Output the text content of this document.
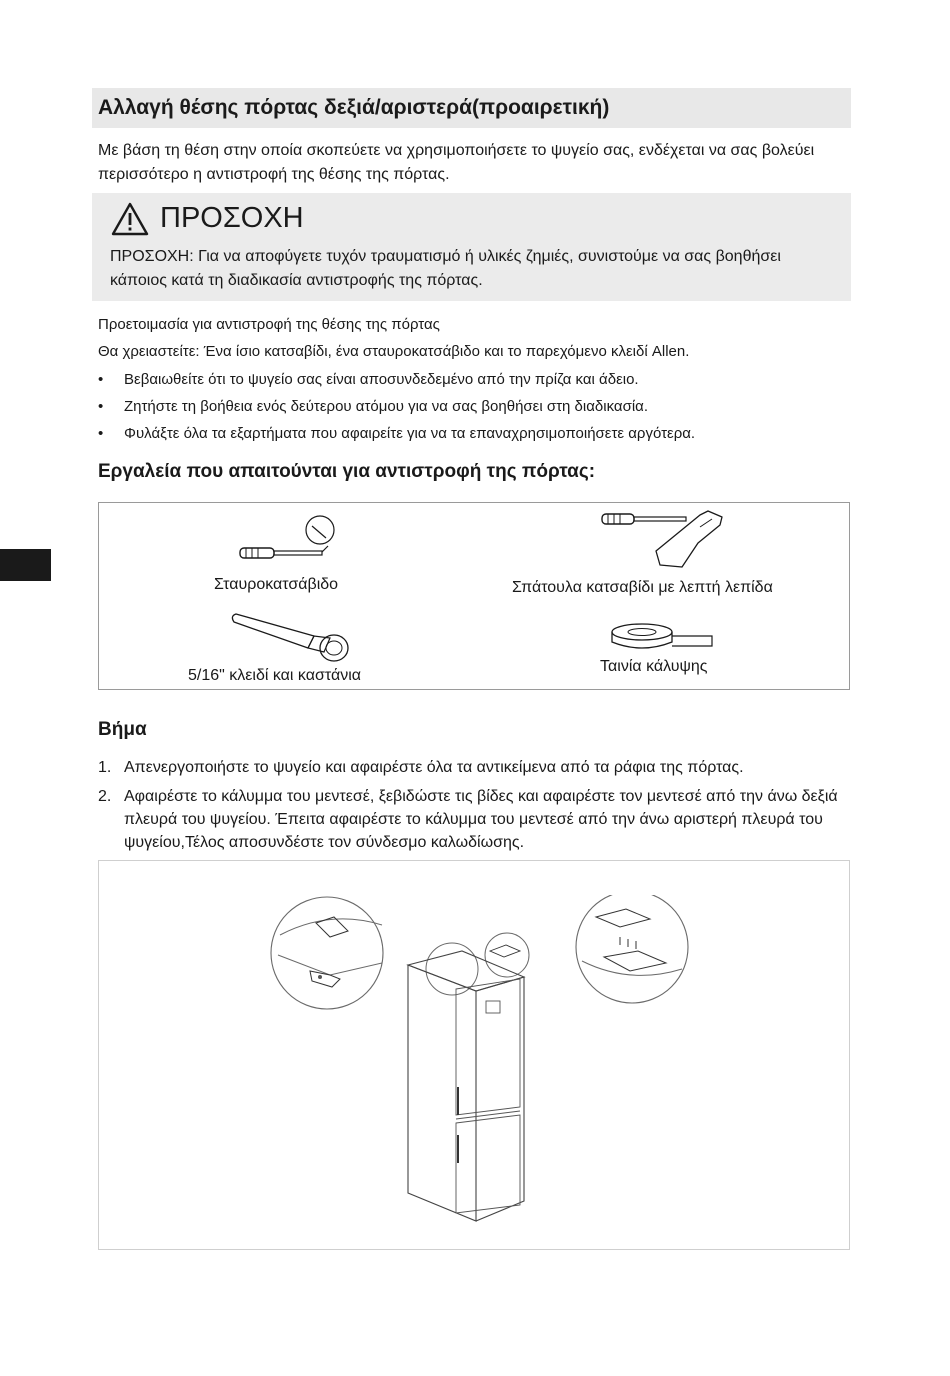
Αλλαγή θέσης πόρτας δεξιά/αριστερά(προαιρετική)
Με βάση τη θέση στην οποία σκοπεύετε να χρησιμοποιήσετε το ψυγείο σας, ενδέχεται να σας βολεύει περισσότερο η αντιστροφή της θέσης της πόρτας.
ΠΡΟΣΟΧΗ
ΠΡΟΣΟΧΗ: Για να αποφύγετε τυχόν τραυματισμό ή υλικές ζημιές, συνιστούμε να σας βοηθήσει κάποιος κατά τη διαδικασία αντιστροφής της πόρτας.
Προετοιμασία για αντιστροφή της θέσης της πόρτας
Θα χρειαστείτε: Ένα ίσιο κατσαβίδι, ένα σταυροκατσάβιδο και το παρεχόμενο κλειδί Allen.
• Βεβαιωθείτε ότι το ψυγείο σας είναι αποσυνδεδεμένο από την πρίζα και άδειο.
• Ζητήστε τη βοήθεια ενός δεύτερου ατόμου για να σας βοηθήσει στη διαδικασία.
• Φυλάξτε όλα τα εξαρτήματα που αφαιρείτε για να τα επαναχρησιμοποιήσετε αργότερα.
Εργαλεία που απαιτούνται για αντιστροφή της πόρτας:
Σταυροκατσάβιδο	Σπάτουλα κατσαβίδι με λεπτή λεπίδα
5/16" κλειδί και καστάνια
Ταινία κάλυψης
Βήμα
1. Απενεργοποιήστε το ψυγείο και αφαιρέστε όλα τα αντικείμενα από τα ράφια της πόρτας.
2. Αφαιρέστε το κάλυμμα του μεντεσέ, ξεβιδώστε τις βίδες και αφαιρέστε τον μεντεσέ από την άνω δεξιά πλευρά του ψυγείου. Έπειτα αφαιρέστε το κάλυμμα του μεντεσέ από την άνω αριστερή πλευρά του ψυγείου,Τέλος αποσυνδέστε τον σύνδεσμο καλωδίωσης.
